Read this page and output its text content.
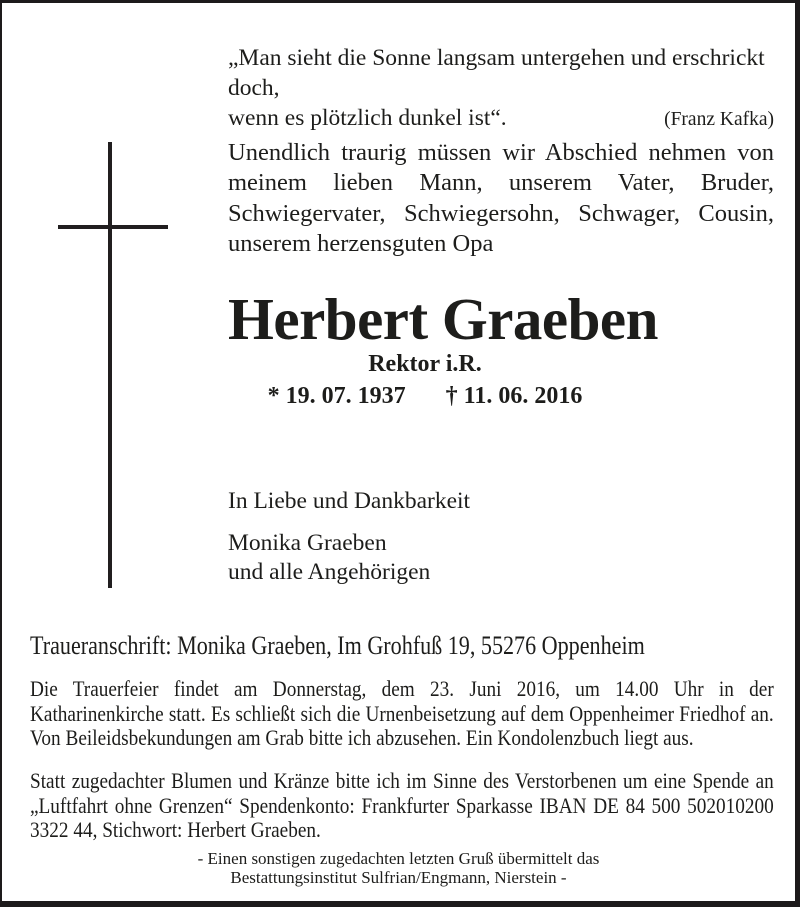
„Man sieht die Sonne langsam untergehen und erschrickt doch,
wenn es plötzlich dunkel ist“.	(Franz Kafka)
Unendlich traurig müssen wir Abschied nehmen von meinem lieben Mann, unserem Vater, Bruder, Schwiegervater, Schwiegersohn, Schwager, Cousin, unserem herzensguten Opa
Herbert Graeben
Rektor i.R.
* 19. 07. 1937 † 11. 06. 2016
In Liebe und Dankbarkeit
Monika Graeben
und alle Angehörigen
Traueranschrift: Monika Graeben, Im Grohfuß 19, 55276 Oppenheim
Die Trauerfeier findet am Donnerstag, dem 23. Juni 2016, um 14.00 Uhr in der Katharinenkirche statt. Es schließt sich die Urnenbeisetzung auf dem Oppenheimer Friedhof an. Von Beileidsbekundungen am Grab bitte ich abzusehen. Ein Kondolenzbuch liegt aus.
Statt zugedachter Blumen und Kränze bitte ich im Sinne des Verstorbenen um eine Spende an „Luftfahrt ohne Grenzen“ Spendenkonto: Frankfurter Sparkasse IBAN DE 84 500 502010200 3322 44, Stichwort: Herbert Graeben.
- Einen sonstigen zugedachten letzten Gruß übermittelt das
Bestattungsinstitut Sulfrian/Engmann, Nierstein -
